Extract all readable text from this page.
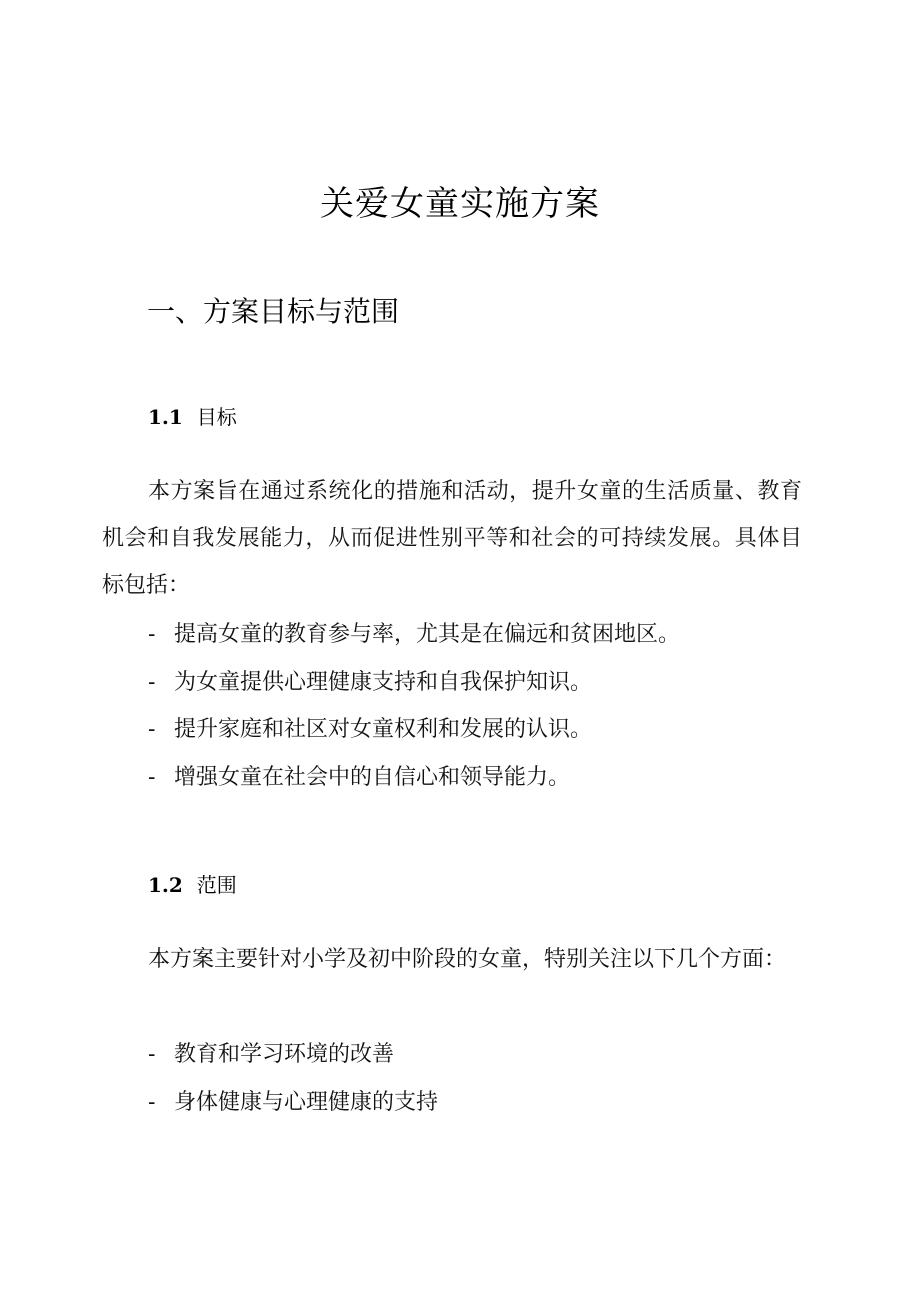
关爱女童实施方案
一、方案目标与范围
1.1 目标
本方案旨在通过系统化的措施和活动，提升女童的生活质量、教育机会和自我发展能力，从而促进性别平等和社会的可持续发展。具体目标包括：
- 提高女童的教育参与率，尤其是在偏远和贫困地区。
- 为女童提供心理健康支持和自我保护知识。
- 提升家庭和社区对女童权利和发展的认识。
- 增强女童在社会中的自信心和领导能力。
1.2 范围
本方案主要针对小学及初中阶段的女童，特别关注以下几个方面：
- 教育和学习环境的改善
- 身体健康与心理健康的支持
